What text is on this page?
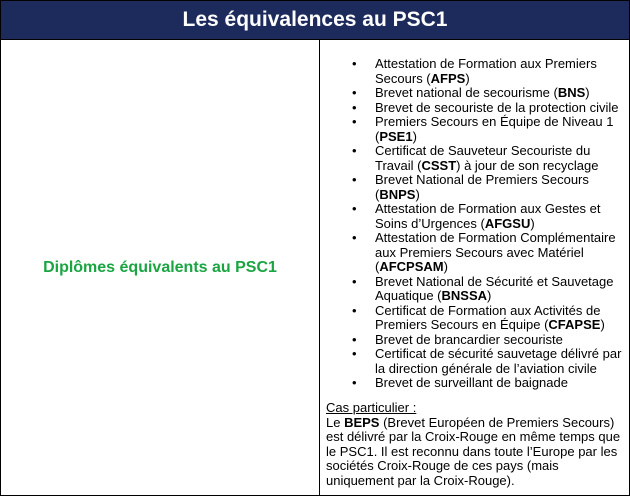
Les équivalences au PSC1
Diplômes équivalents au PSC1
• Attestation de Formation aux Premiers Secours (AFPS)
• Brevet national de secourisme (BNS)
• Brevet de secouriste de la protection civile
• Premiers Secours en Équipe de Niveau 1 (PSE1)
• Certificat de Sauveteur Secouriste du Travail (CSST) à jour de son recyclage
• Brevet National de Premiers Secours (BNPS)
• Attestation de Formation aux Gestes et Soins d’Urgences (AFGSU)
• Attestation de Formation Complémentaire aux Premiers Secours avec Matériel (AFCPSAM)
• Brevet National de Sécurité et Sauvetage Aquatique (BNSSA)
• Certificat de Formation aux Activités de Premiers Secours en Équipe (CFAPSE)
• Brevet de brancardier secouriste
• Certificat de sécurité sauvetage délivré par la direction générale de l’aviation civile
• Brevet de surveillant de baignade
Cas particulier :
Le BEPS (Brevet Européen de Premiers Secours) est délivré par la Croix-Rouge en même temps que le PSC1. Il est reconnu dans toute l’Europe par les sociétés Croix-Rouge de ces pays (mais uniquement par la Croix-Rouge).
